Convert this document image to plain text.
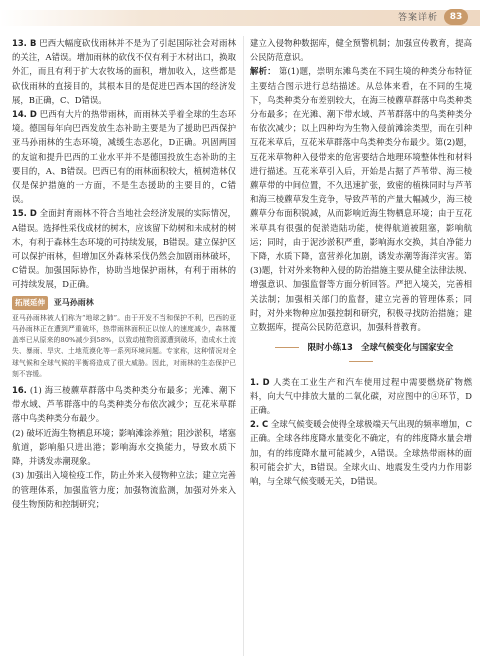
答案详析	83

13. B 巴西大幅度砍伐雨林并不是为了引起国际社会对雨林的关注，A错误。增加雨林的砍伐不仅有利于木材出口，换取外汇，而且有利于扩大农牧场的面积，增加收入，这些都是砍伐雨林的直接目的，其根本目的是促进巴西本国的经济发展，B正确，C、D错误。

14. D 巴西有大片的热带雨林，而雨林关乎着全球的生态环境。德国每年向巴西发放生态补助主要是为了援助巴西保护亚马孙雨林的生态环境，减缓生态恶化，D正确。巩固两国的友谊和提升巴西的工业水平并不是德国投放生态补助的主要目的，A、B错误。巴西已有的雨林面积较大，植树造林仅仅是保护措施的一方面，不是生态援助的主要目的，C错误。

15. D 全面封育雨林不符合当地社会经济发展的实际情况，A错误。选择性采伐成材的树木，应该留下幼树和未成材的树木，有利于森林生态环境的可持续发展，B错误。建立保护区可以保护雨林，但增加区外森林采伐仍然会加剧雨林破坏，C错误。加强国际协作，协助当地保护雨林，有利于雨林的可持续发展，D正确。

拓展延伸 亚马孙雨林

亚马孙雨林被人们称为“地球之肺”。由于开发不当和保护不利，巴西的亚马孙雨林正在遭到严重破坏，热带雨林面积正以惊人的速度减少，森林覆盖率已从原来的80%减少到58%，以致动植物资源遭到破坏，造成水土流失、暴雨、旱灾、土地荒漠化等一系列环境问题。专家称，这种情况对全球气候和全球气候的平衡将造成了很大威胁。因此，对雨林的生态保护已刻不容缓。

16. (1) 海三棱藨草群落中鸟类种类分布最多；光滩、潮下带水域、芦苇群落中的鸟类种类分布依次减少；互花米草群落中鸟类种类分布最少。

(2) 破坏近海生物栖息环境；影响滩涂养殖；阻沙淤积，堵塞航道，影响船只进出港；影响海水交换能力，导致水质下降，并诱发赤潮现象。

(3) 加强出入境检疫工作，防止外来入侵物种立法；建立完善的管理体系，加强监管力度；加强物流监测，加强对外来入侵生物预防和控制研究；

建立入侵物种数据库，健全预警机制；加强宣传教育，提高公民防范意识。

解析： 第(1)题，崇明东滩鸟类在不同生境的种类分布特征主要结合图示进行总结描述。从总体来看，在不同的生境下，鸟类种类分布差别较大，在海三棱藨草群落中鸟类种类分布最多；在光滩、潮下带水域、芦苇群落中的鸟类种类分布依次减少；以上四种均为生物入侵前滩涂类型，而在引种互花米草后，互花米草群落中鸟类种类分布最少。第(2)题，互花米草物种入侵带来的危害要结合地理环境整体性和材料进行描述。互花米草引入后，开始是占据了芦苇带、海三棱藨草带的中间位置，不久迅速扩张，致密的植株同时与芦苇和海三棱藨草发生竞争，导致芦苇的产量大幅减少，海三棱藨草分布面积锐减，从而影响近海生物栖息环境；由于互花米草具有很强的促淤造陆功能，使得航道被阻塞，影响航运；同时，由于泥沙淤积严重，影响海水交换，其自净能力下降，水质下降，富营养化加剧，诱发赤潮等海洋灾害。第(3)题，针对外来物种入侵的防治措施主要从健全法律法规、增强意识、加强监督等方面分析回答。严把入境关，完善相关法制；加强相关部门的监督，建立完善的管理体系；同时，对外来物种应加强控制和研究，积极寻找防治措施；建立数据库，提高公民防范意识，加强科普教育。

限时小练13　全球气候变化与国家安全

1. D 人类在工业生产和汽车使用过程中需要燃烧矿物燃料，向大气中排放大量的二氧化碳，对应图中的④环节，D正确。

2. C 全球气候变暖会使得全球极端天气出现的频率增加，C正确。全球各纬度降水量变化不确定，有的纬度降水量会增加，有的纬度降水量可能减少，A错误。全球热带雨林的面积可能会扩大，B错误。全球火山、地震发生受内力作用影响，与全球气候变暖无关，D错误。
